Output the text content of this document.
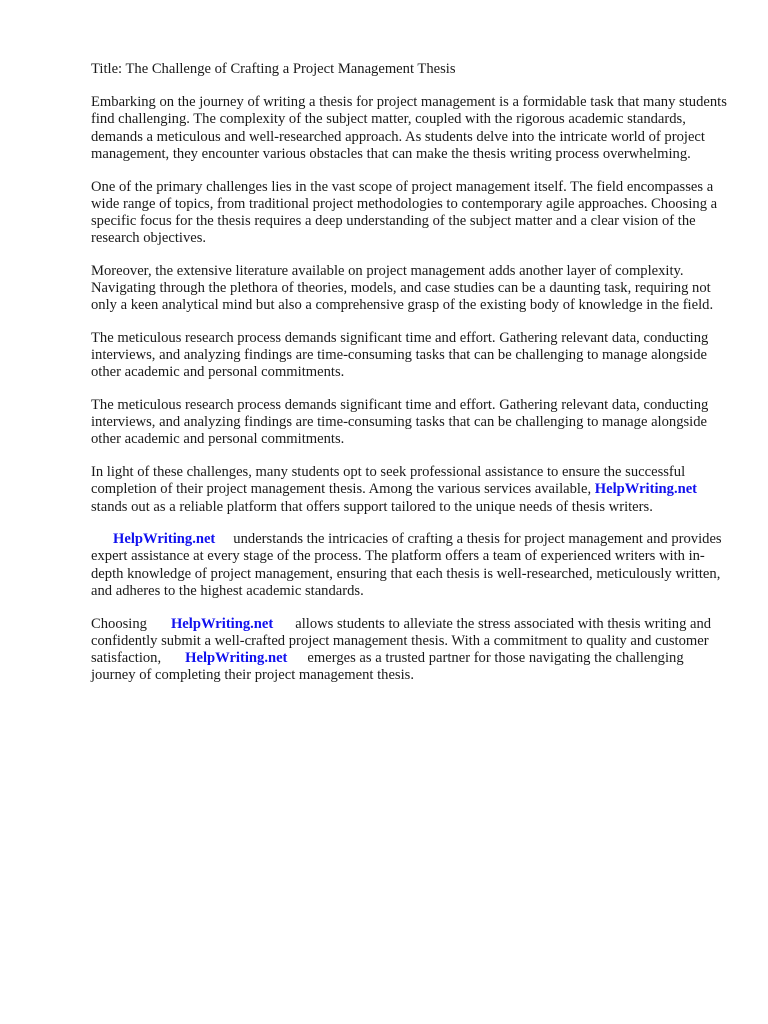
Title: The Challenge of Crafting a Project Management Thesis

Embarking on the journey of writing a thesis for project management is a formidable task that many students find challenging. The complexity of the subject matter, coupled with the rigorous academic standards, demands a meticulous and well-researched approach. As students delve into the intricate world of project management, they encounter various obstacles that can make the thesis writing process overwhelming.

One of the primary challenges lies in the vast scope of project management itself. The field encompasses a wide range of topics, from traditional project methodologies to contemporary agile approaches. Choosing a specific focus for the thesis requires a deep understanding of the subject matter and a clear vision of the research objectives.

Moreover, the extensive literature available on project management adds another layer of complexity. Navigating through the plethora of theories, models, and case studies can be a daunting task, requiring not only a keen analytical mind but also a comprehensive grasp of the existing body of knowledge in the field.

The meticulous research process demands significant time and effort. Gathering relevant data, conducting interviews, and analyzing findings are time-consuming tasks that can be challenging to manage alongside other academic and personal commitments.

The meticulous research process demands significant time and effort. Gathering relevant data, conducting interviews, and analyzing findings are time-consuming tasks that can be challenging to manage alongside other academic and personal commitments.

In light of these challenges, many students opt to seek professional assistance to ensure the successful completion of their project management thesis. Among the various services available, HelpWriting.net stands out as a reliable platform that offers support tailored to the unique needs of thesis writers.

HelpWriting.net understands the intricacies of crafting a thesis for project management and provides expert assistance at every stage of the process. The platform offers a team of experienced writers with in-depth knowledge of project management, ensuring that each thesis is well-researched, meticulously written, and adheres to the highest academic standards.

Choosing HelpWriting.net allows students to alleviate the stress associated with thesis writing and confidently submit a well-crafted project management thesis. With a commitment to quality and customer satisfaction, HelpWriting.net emerges as a trusted partner for those navigating the challenging journey of completing their project management thesis.
